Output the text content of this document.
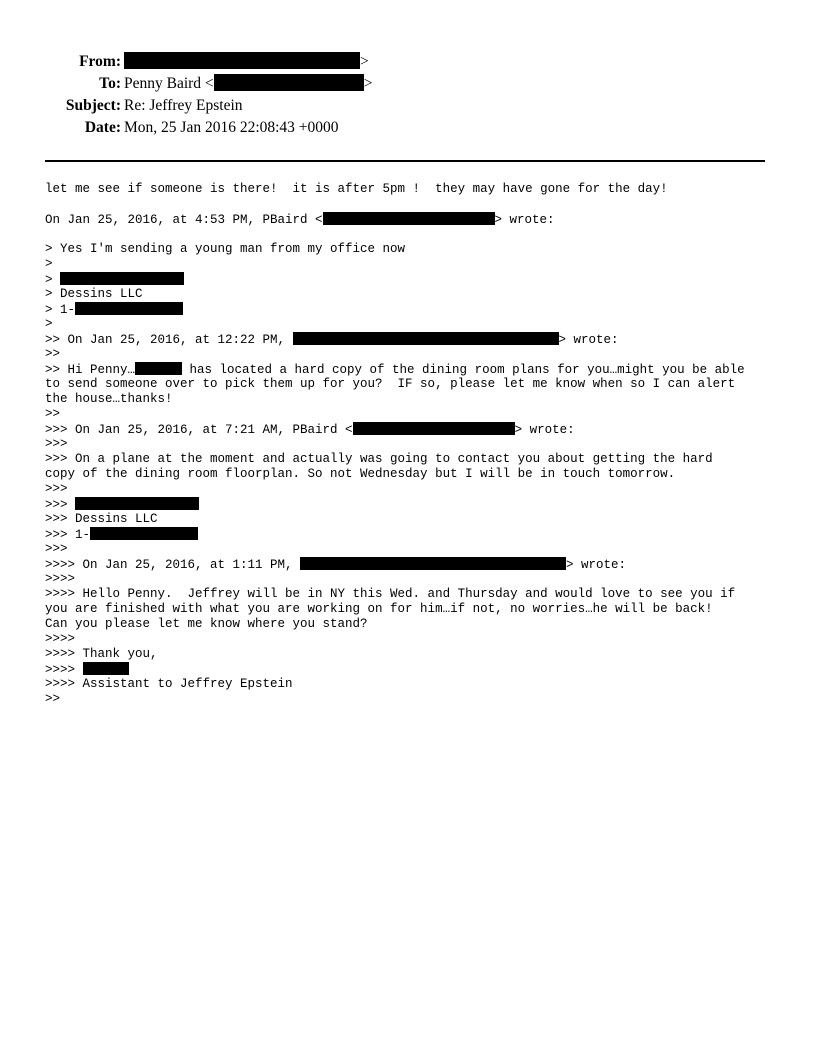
From:	>
To: Penny Baird <	>
Subject: Re: Jeffrey Epstein
Date: Mon, 25 Jan 2016 22:08:43 +0000
let me see if someone is there!  it is after 5pm !  they may have gone for the day!
On Jan 25, 2016, at 4:53 PM, PBaird <	> wrote:
> Yes I'm sending a young man from my office now
>
>
> Dessins LLC
> 1-
>
>> On Jan 25, 2016, at 12:22 PM,	> wrote:
>>
>> Hi Penny…	has located a hard copy of the dining room plans for you…might you be able
to send someone over to pick them up for you?  IF so, please let me know when so I can alert
the house…thanks!
>>
>>> On Jan 25, 2016, at 7:21 AM, PBaird <	> wrote:
>>>
>>> On a plane at the moment and actually was going to contact you about getting the hard
copy of the dining room floorplan. So not Wednesday but I will be in touch tomorrow.
>>>
>>>
>>> Dessins LLC
>>> 1-
>>>
>>>> On Jan 25, 2016, at 1:11 PM,	> wrote:
>>>>
>>>> Hello Penny.  Jeffrey will be in NY this Wed. and Thursday and would love to see you if
you are finished with what you are working on for him…if not, no worries…he will be back!
Can you please let me know where you stand?
>>>>
>>>> Thank you,
>>>>
>>>> Assistant to Jeffrey Epstein
>>
